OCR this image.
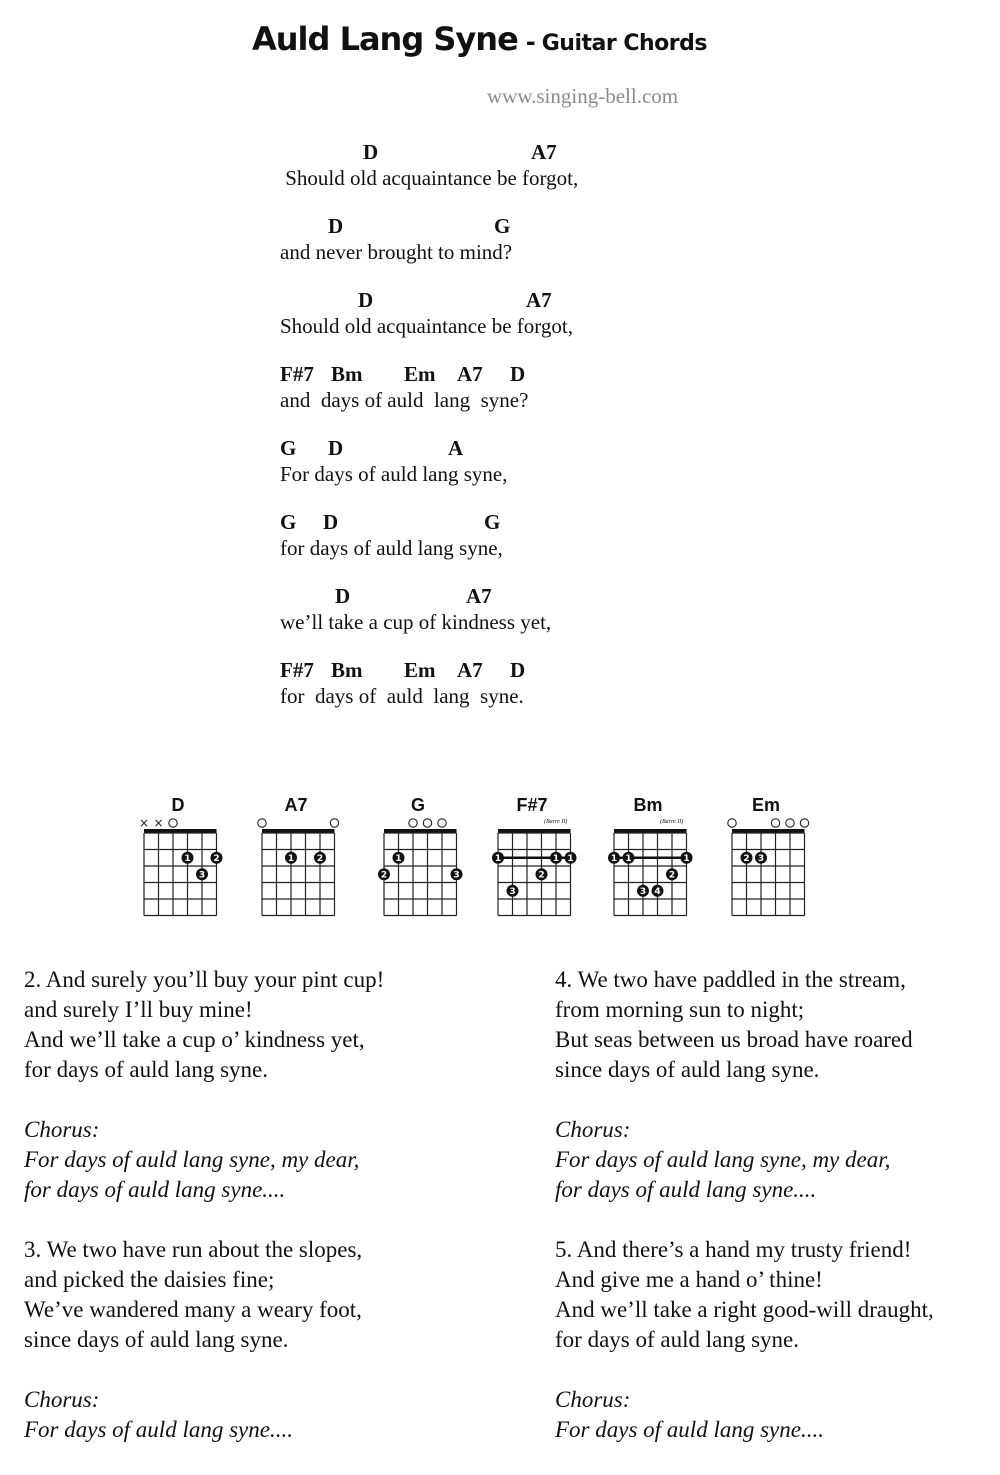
Auld Lang Syne - Guitar Chords
www.singing-bell.com
D	A7
Should old acquaintance be forgot,
D	G
and never brought to mind?
D	A7
Should old acquaintance be forgot,
F#7 Bm Em A7 D
and  days of auld  lang  syne?
G D	A
For days of auld lang syne,
G D	G
for days of auld lang syne,
D	A7
we’ll take a cup of kindness yet,
F#7 Bm Em A7 D
for  days of  auld  lang  syne.
D
× ×
1	2
3
A7
1	2
G
1
2	3
F#7
(Barre II)
1	1 1
2
3
Bm
(Barre II)
1 1	1
2
3 4
Em
2 3
2. And surely you’ll buy your pint cup!
and surely I’ll buy mine!
And we’ll take a cup o’ kindness yet,
for days of auld lang syne.

Chorus:
For days of auld lang syne, my dear,
for days of auld lang syne....
3. We two have run about the slopes,
and picked the daisies fine;
We’ve wandered many a weary foot,
since days of auld lang syne.

Chorus:
For days of auld lang syne....
4. We two have paddled in the stream,
from morning sun to night;
But seas between us broad have roared
since days of auld lang syne.

Chorus:
For days of auld lang syne, my dear,
for days of auld lang syne....
5. And there’s a hand my trusty friend!
And give me a hand o’ thine!
And we’ll take a right good-will draught,
for days of auld lang syne.

Chorus:
For days of auld lang syne....
